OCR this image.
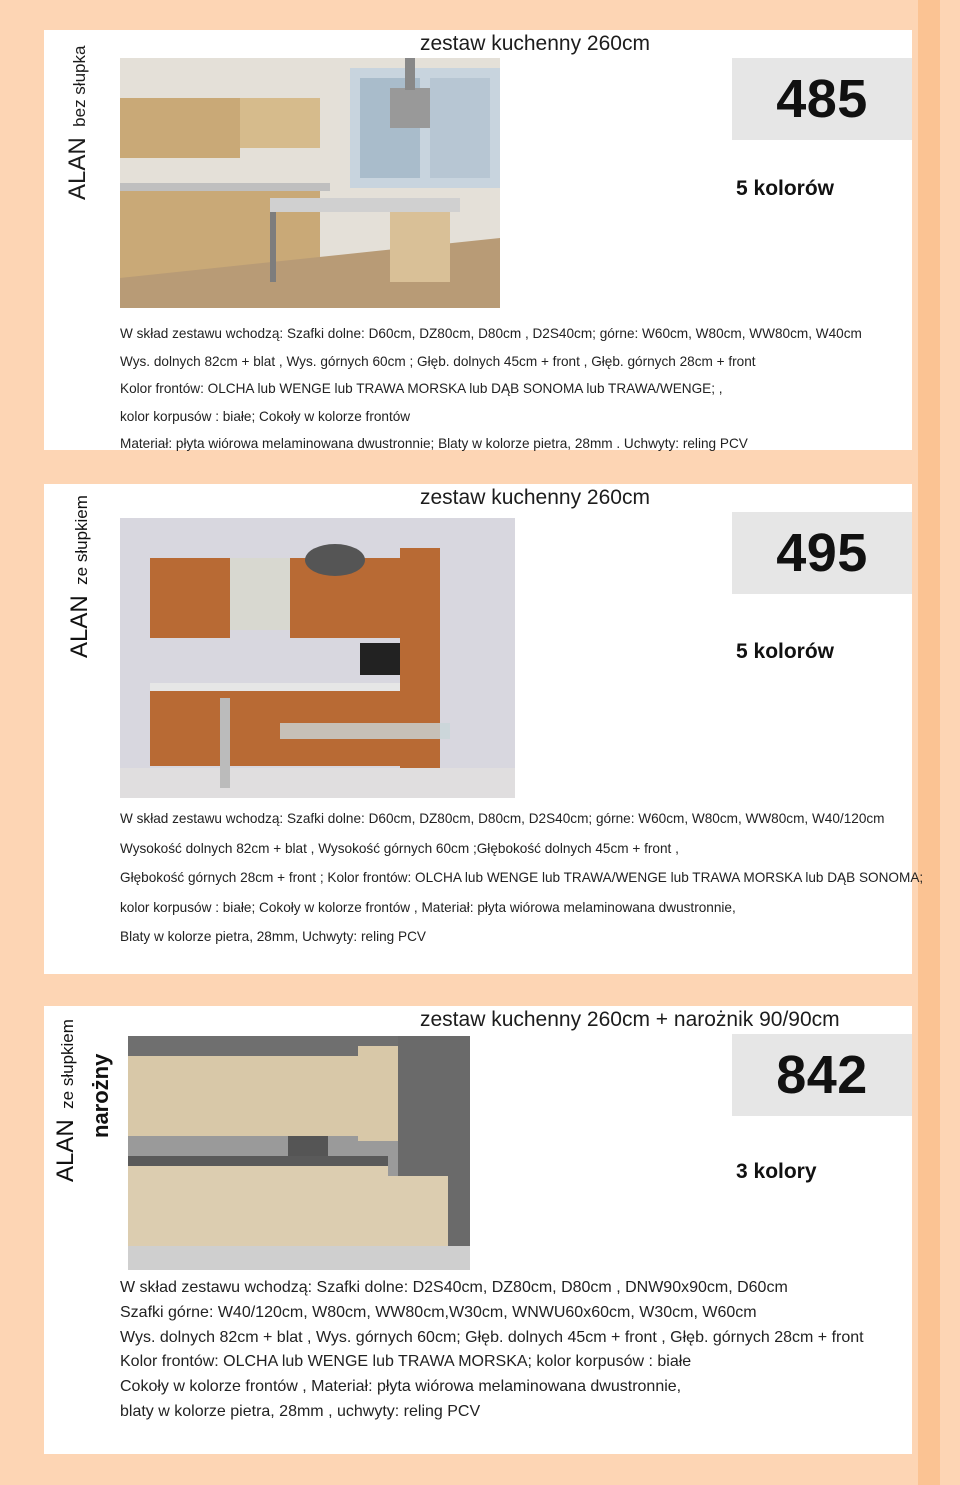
ALAN bez słupka
zestaw kuchenny 260cm
485
5 kolorów
W skład zestawu wchodzą: Szafki dolne: D60cm, DZ80cm, D80cm , D2S40cm; górne: W60cm, W80cm, WW80cm, W40cm
Wys. dolnych 82cm + blat , Wys. górnych 60cm ; Głęb. dolnych 45cm + front , Głęb. górnych 28cm + front
Kolor frontów: OLCHA lub WENGE lub TRAWA MORSKA lub DĄB SONOMA lub TRAWA/WENGE; ,
kolor korpusów : białe; Cokoły w kolorze frontów
Materiał: płyta wiórowa melaminowana dwustronnie; Blaty w kolorze pietra, 28mm . Uchwyty: reling PCV
ALAN ze słupkiem	zestaw kuchenny 260cm
495
5 kolorów
W skład zestawu wchodzą: Szafki dolne: D60cm, DZ80cm, D80cm, D2S40cm; górne: W60cm, W80cm, WW80cm, W40/120cm
Wysokość dolnych 82cm + blat , Wysokość górnych 60cm ;Głębokość dolnych 45cm + front ,
Głębokość górnych 28cm + front ; Kolor frontów: OLCHA lub WENGE lub TRAWA/WENGE lub TRAWA MORSKA lub DĄB SONOMA;
kolor korpusów : białe; Cokoły w kolorze frontów , Materiał: płyta wiórowa melaminowana dwustronnie,
Blaty w kolorze pietra, 28mm, Uchwyty: reling PCV
ALAN ze słupkiem narożny
zestaw kuchenny 260cm + narożnik 90/90cm
842
3 kolory
W skład zestawu wchodzą: Szafki dolne: D2S40cm, DZ80cm, D80cm , DNW90x90cm, D60cm
Szafki górne: W40/120cm, W80cm, WW80cm,W30cm, WNWU60x60cm, W30cm, W60cm
Wys. dolnych 82cm + blat , Wys. górnych 60cm; Głęb. dolnych 45cm + front , Głęb. górnych 28cm + front
Kolor frontów: OLCHA lub WENGE lub TRAWA MORSKA; kolor korpusów : białe
Cokoły w kolorze frontów , Materiał: płyta wiórowa melaminowana dwustronnie,
blaty w kolorze pietra, 28mm , uchwyty: reling PCV
